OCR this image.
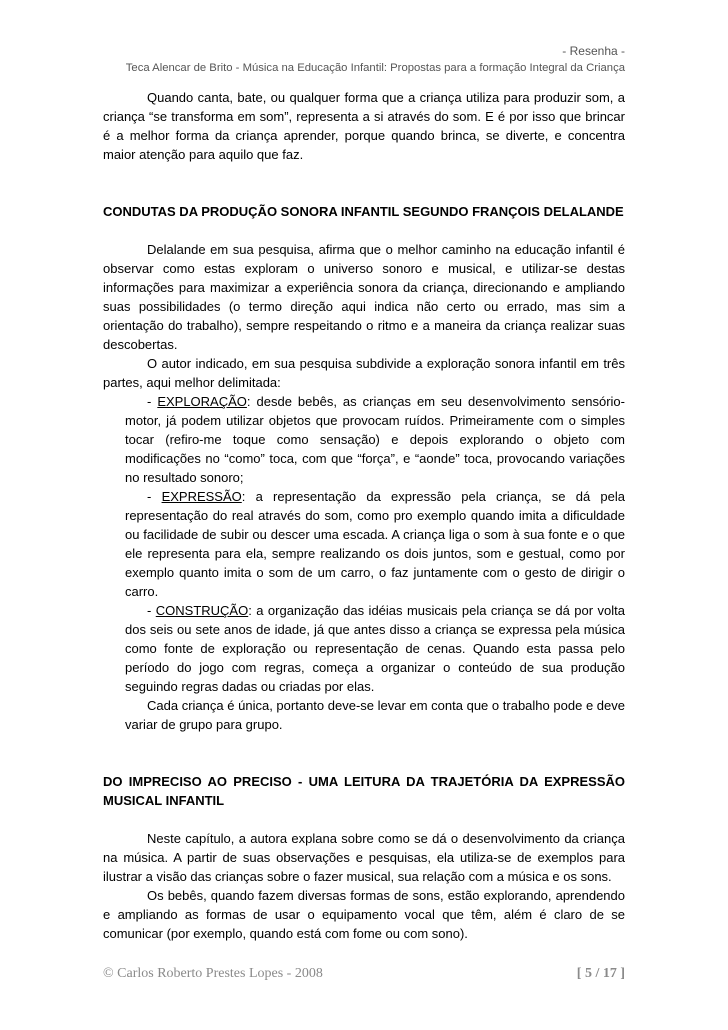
- Resenha -
Teca Alencar de Brito - Música na Educação Infantil: Propostas para a formação Integral da Criança

Quando canta, bate, ou qualquer forma que a criança utiliza para produzir som, a criança “se transforma em som”, representa a si através do som. E é por isso que brincar é a melhor forma da criança aprender, porque quando brinca, se diverte, e concentra maior atenção para aquilo que faz.

CONDUTAS DA PRODUÇÃO SONORA INFANTIL SEGUNDO FRANÇOIS DELALANDE

Delalande em sua pesquisa, afirma que o melhor caminho na educação infantil é observar como estas exploram o universo sonoro e musical, e utilizar-se destas informações para maximizar a experiência sonora da criança, direcionando e ampliando suas possibilidades (o termo direção aqui indica não certo ou errado, mas sim a orientação do trabalho), sempre respeitando o ritmo e a maneira da criança realizar suas descobertas.

O autor indicado, em sua pesquisa subdivide a exploração sonora infantil em três partes, aqui melhor delimitada:

- EXPLORAÇÃO: desde bebês, as crianças em seu desenvolvimento sensório-motor, já podem utilizar objetos que provocam ruídos. Primeiramente com o simples tocar (refiro-me toque como sensação) e depois explorando o objeto com modificações no “como” toca, com que “força”, e “aonde” toca, provocando variações no resultado sonoro;

- EXPRESSÃO: a representação da expressão pela criança, se dá pela representação do real através do som, como pro exemplo quando imita a dificuldade ou facilidade de subir ou descer uma escada. A criança liga o som à sua fonte e o que ele representa para ela, sempre realizando os dois juntos, som e gestual, como por exemplo quanto imita o som de um carro, o faz juntamente com o gesto de dirigir o carro.

- CONSTRUÇÃO: a organização das idéias musicais pela criança se dá por volta dos seis ou sete anos de idade, já que antes disso a criança se expressa pela música como fonte de exploração ou representação de cenas. Quando esta passa pelo período do jogo com regras, começa a organizar o conteúdo de sua produção seguindo regras dadas ou criadas por elas.

Cada criança é única, portanto deve-se levar em conta que o trabalho pode e deve variar de grupo para grupo.

DO IMPRECISO AO PRECISO - UMA LEITURA DA TRAJETÓRIA DA EXPRESSÃO MUSICAL INFANTIL

Neste capítulo, a autora explana sobre como se dá o desenvolvimento da criança na música. A partir de suas observações e pesquisas, ela utiliza-se de exemplos para ilustrar a visão das crianças sobre o fazer musical, sua relação com a música e os sons.

Os bebês, quando fazem diversas formas de sons, estão explorando, aprendendo e ampliando as formas de usar o equipamento vocal que têm, além é claro de se comunicar (por exemplo, quando está com fome ou com sono).

© Carlos Roberto Prestes Lopes - 2008	[ 5 / 17 ]
